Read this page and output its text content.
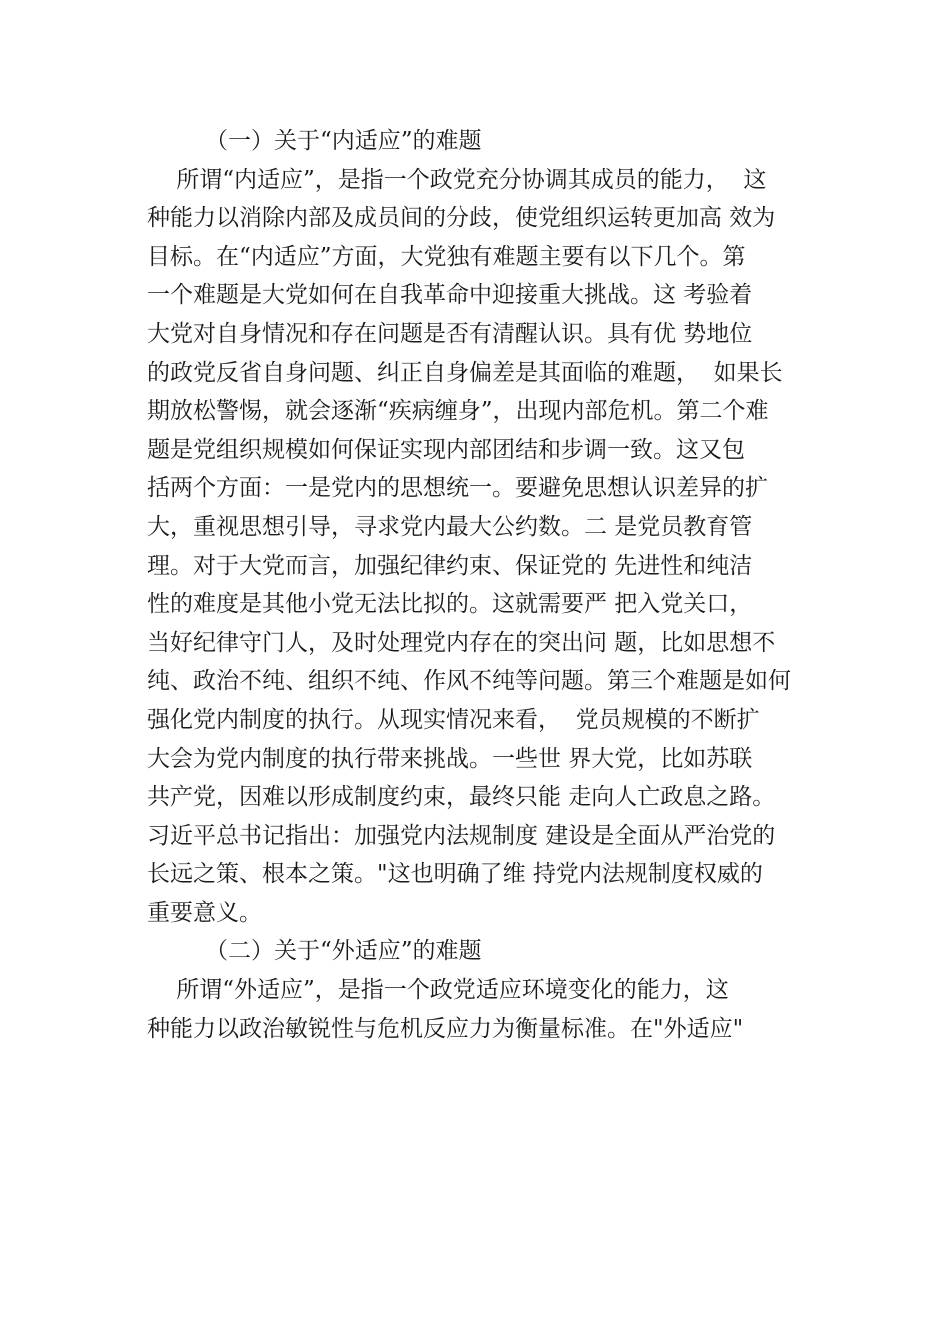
（一）关于“内适应”的难题
所谓“内适应”，是指一个政党充分协调其成员的能力，  这
种能力以消除内部及成员间的分歧，使党组织运转更加高 效为
目标。在“内适应”方面，大党独有难题主要有以下几个。第
一个难题是大党如何在自我革命中迎接重大挑战。这 考验着
大党对自身情况和存在问题是否有清醒认识。具有优 势地位
的政党反省自身问题、纠正自身偏差是其面临的难题，  如果长
期放松警惕，就会逐渐“疾病缠身”，出现内部危机。第二个难
题是党组织规模如何保证实现内部团结和步调一致。这又包
括两个方面：一是党内的思想统一。要避免思想认识差异的扩
大，重视思想引导，寻求党内最大公约数。二 是党员教育管
理。对于大党而言，加强纪律约束、保证党的 先进性和纯洁
性的难度是其他小党无法比拟的。这就需要严 把入党关口，
当好纪律守门人，及时处理党内存在的突出问 题，比如思想不
纯、政治不纯、组织不纯、作风不纯等问题。第三个难题是如何
强化党内制度的执行。从现实情况来看，  党员规模的不断扩
大会为党内制度的执行带来挑战。一些世 界大党，比如苏联
共产党，因难以形成制度约束，最终只能 走向人亡政息之路。
习近平总书记指出：加强党内法规制度 建设是全面从严治党的
长远之策、根本之策。"这也明确了维 持党内法规制度权威的
重要意义。
（二）关于“外适应”的难题
所谓“外适应”，是指一个政党适应环境变化的能力，这
种能力以政治敏锐性与危机反应力为衡量标准。在"外适应"
